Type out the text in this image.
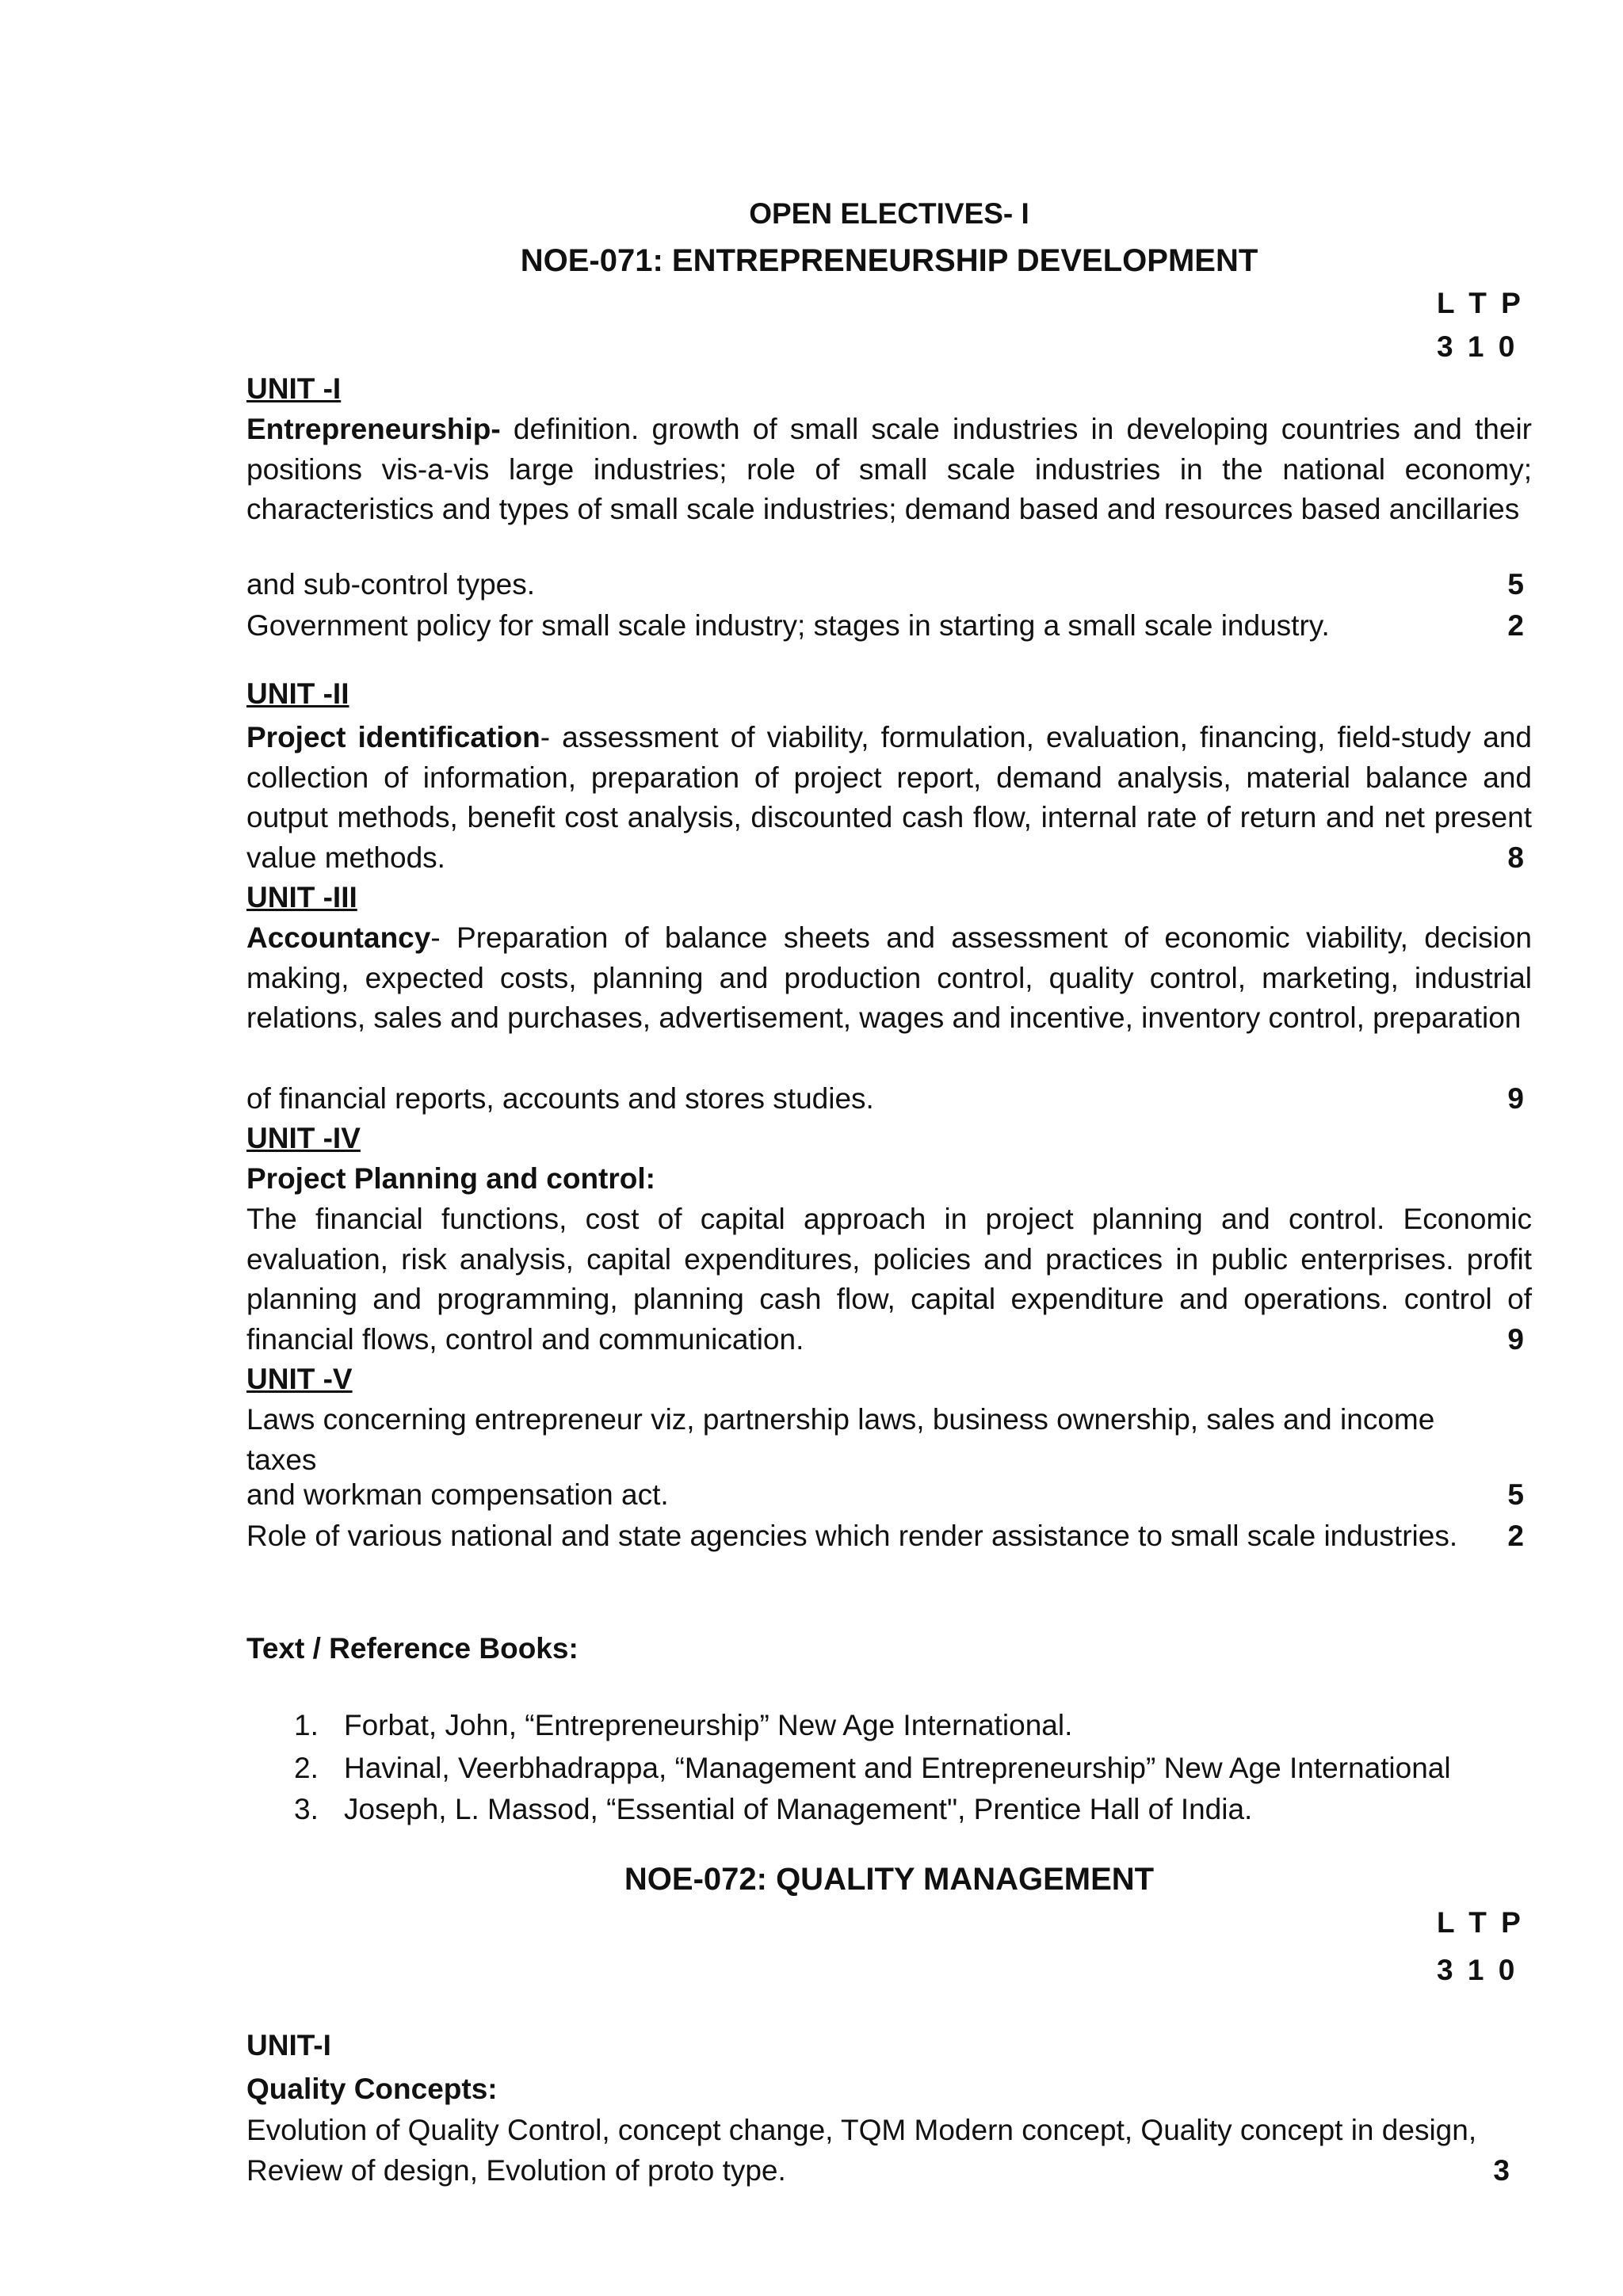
OPEN ELECTIVES- I
NOE-071: ENTREPRENEURSHIP DEVELOPMENT
L T P
3 1 0
UNIT -I
Entrepreneurship- definition. growth of small scale industries in developing countries and their positions vis-a-vis large industries; role of small scale industries in the national economy; characteristics and types of small scale industries; demand based and resources based ancillaries
and sub-control types.	5
Government policy for small scale industry; stages in starting a small scale industry.	2
UNIT -II
Project identification- assessment of viability, formulation, evaluation, financing, field-study and collection of information, preparation of project report, demand analysis, material balance and output methods, benefit cost analysis, discounted cash flow, internal rate of return and net present value methods.	8
UNIT -III
Accountancy- Preparation of balance sheets and assessment of economic viability, decision making, expected costs, planning and production control, quality control, marketing, industrial relations, sales and purchases, advertisement, wages and incentive, inventory control, preparation
of financial reports, accounts and stores studies.	9
UNIT -IV
Project Planning and control:
The financial functions, cost of capital approach in project planning and control. Economic evaluation, risk analysis, capital expenditures, policies and practices in public enterprises. profit planning and programming, planning cash flow, capital expenditure and operations. control of financial flows, control and communication.	9
UNIT -V
Laws concerning entrepreneur viz, partnership laws, business ownership, sales and income taxes
and workman compensation act.	5
Role of various national and state agencies which render assistance to small scale industries. 2
Text / Reference Books:
1. Forbat, John, “Entrepreneurship” New Age International.
2. Havinal, Veerbhadrappa, “Management and Entrepreneurship” New Age International
3. Joseph, L. Massod, “Essential of Management", Prentice Hall of India.
NOE-072: QUALITY MANAGEMENT
L T P
3 1 0
UNIT-I
Quality Concepts:
Evolution of Quality Control, concept change, TQM Modern concept, Quality concept in design,
Review of design, Evolution of proto type.	3
